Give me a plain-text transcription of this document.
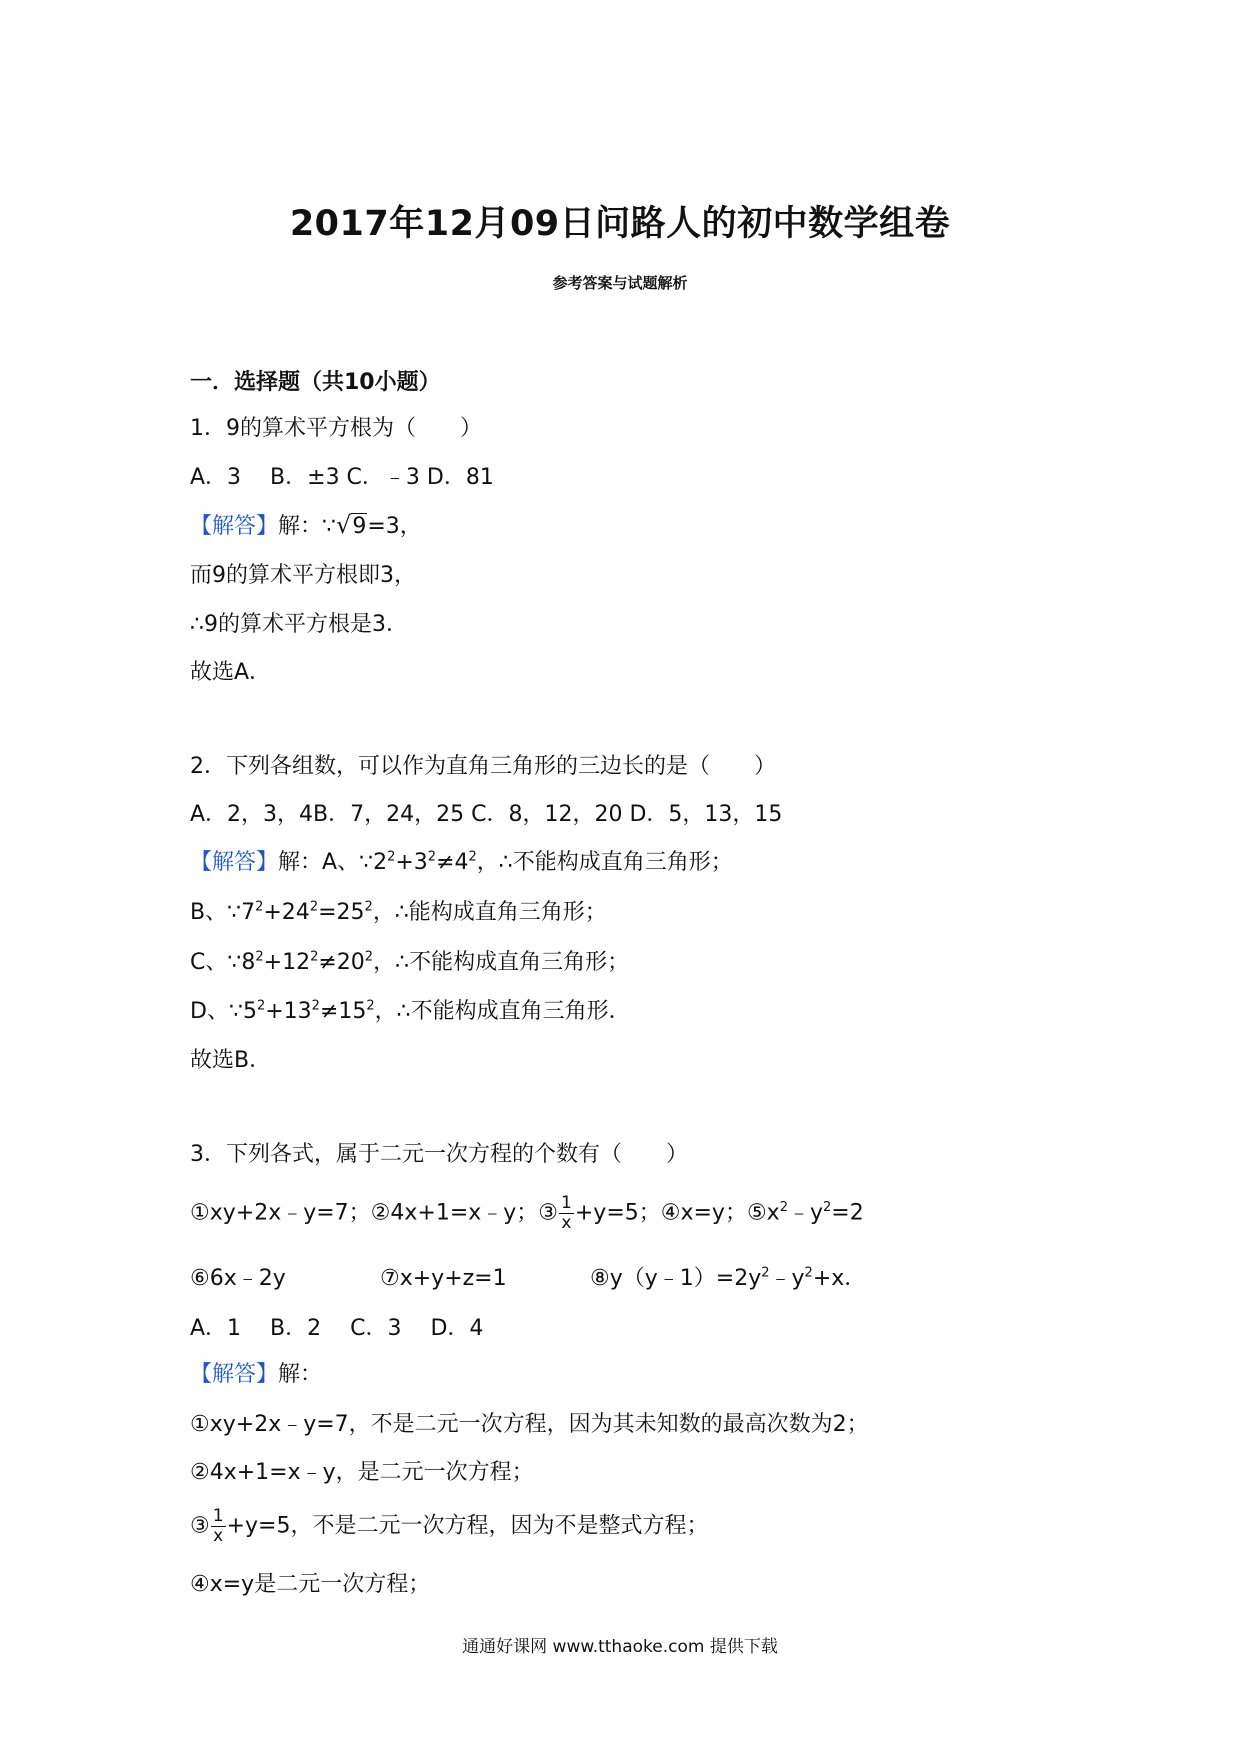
2017年12月09日问路人的初中数学组卷
参考答案与试题解析
一．选择题（共10小题）
1．9的算术平方根为（　　）
A．3　 B．±3 C．﹣3 D．81
【解答】解：∵√9=3，
而9的算术平方根即3，
∴9的算术平方根是3．
故选A．
2．下列各组数，可以作为直角三角形的三边长的是（　　）
A．2，3，4B．7，24，25 C．8，12，20 D．5，13，15
【解答】解：A、$\because 2^2+3^2\ne 4^2$，∴不能构成直角三角形；
B、$\because 7^2+24^2=25^2$，∴能构成直角三角形；
C、$\because 8^2+12^2\ne 20^2$，∴不能构成直角三角形；
D、$\because 5^2+13^2\ne 15^2$，∴不能构成直角三角形．
故选B．
3．下列各式，属于二元一次方程的个数有（　　）
①xy+2x﹣y=7；②4x+1=x﹣y；③ $\frac{1}{x} +y=5$；④x=y；$⑤x^2﹣y^2=2$
⑥6x﹣2y	⑦x+y+z=1	$⑧y(y﹣1)=2y^2﹣y^2+x$．
A．1　 B．2　 C．3　 D．4
【解答】解：
①xy+2x﹣y=7，不是二元一次方程，因为其未知数的最高次数为2；
②4x+1=x﹣y，是二元一次方程；
③ $\frac{1}{x} +y=5$，不是二元一次方程，因为不是整式方程；
④x=y是二元一次方程；
通通好课网 www.tthaoke.com 提供下载
